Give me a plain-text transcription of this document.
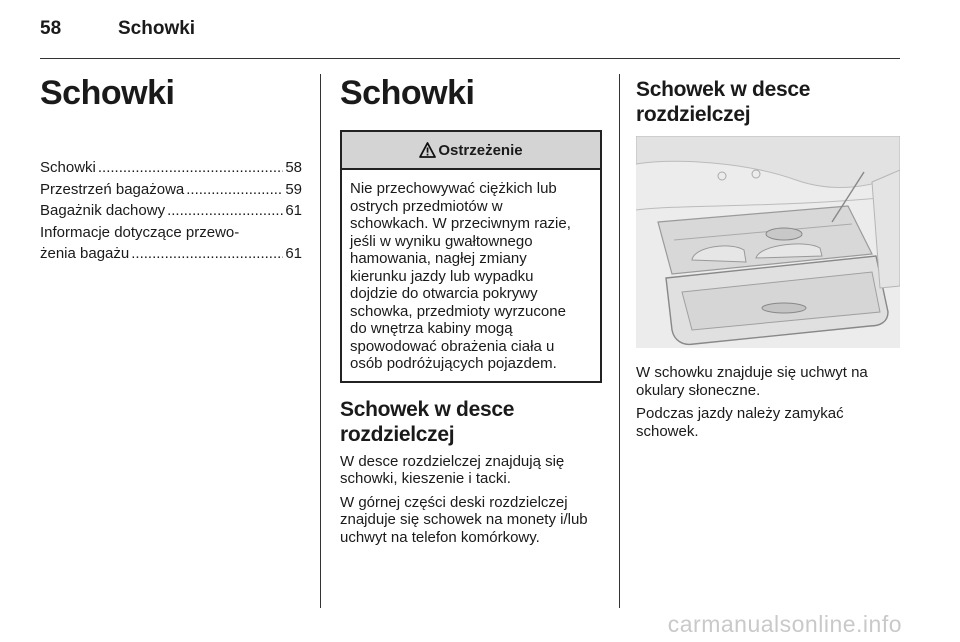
58	Schowki
Schowki
Schowki .....	58
Przestrzeń bagażowa .....	59
Bagażnik dachowy .....	61
Informacje dotyczące przewo-
żenia bagażu .....	61
Schowki
Ostrzeżenie
Nie przechowywać ciężkich lub
ostrych przedmiotów w
schowkach. W przeciwnym razie,
jeśli w wyniku gwałtownego
hamowania, nagłej zmiany
kierunku jazdy lub wypadku
dojdzie do otwarcia pokrywy
schowka, przedmioty wyrzucone
do wnętrza kabiny mogą
spowodować obrażenia ciała u
osób podróżujących pojazdem.
Schowek w desce
rozdzielczej

W desce rozdzielczej znajdują się
schowki, kieszenie i tacki.

W górnej części deski rozdzielczej
znajduje się schowek na monety i/lub
uchwyt na telefon komórkowy.

Schowek w desce
rozdzielczej

W schowku znajduje się uchwyt na
okulary słoneczne.

Podczas jazdy należy zamykać
schowek.

carmanualsonline.info
